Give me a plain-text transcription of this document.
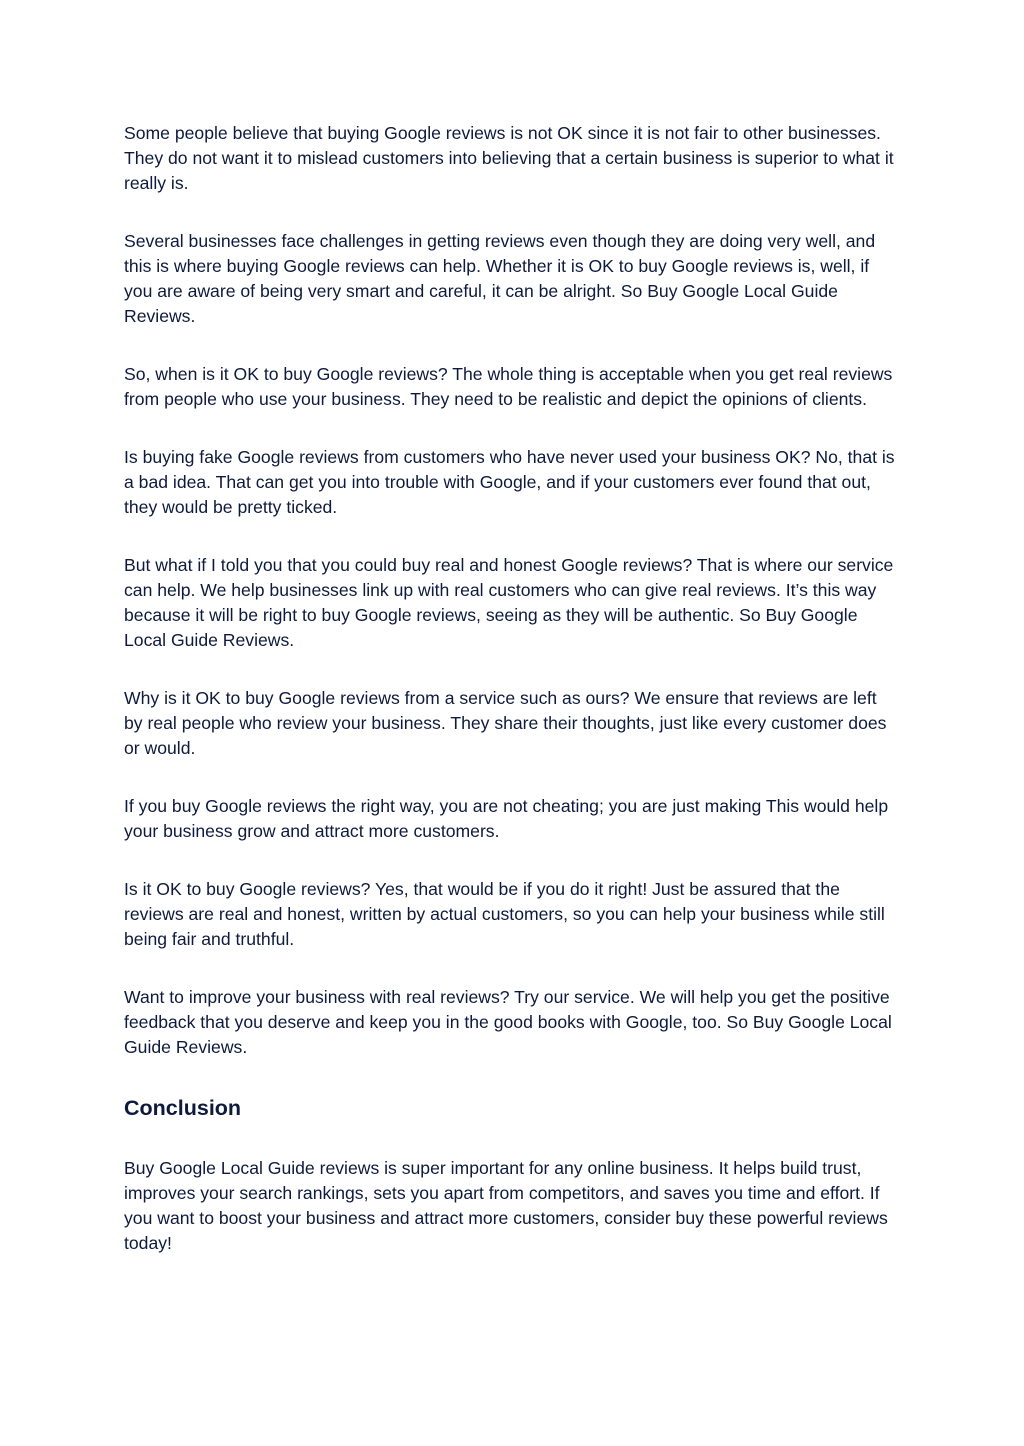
Some people believe that buying Google reviews is not OK since it is not fair to other businesses. They do not want it to mislead customers into believing that a certain business is superior to what it really is.

Several businesses face challenges in getting reviews even though they are doing very well, and this is where buying Google reviews can help. Whether it is OK to buy Google reviews is, well, if you are aware of being very smart and careful, it can be alright. So Buy Google Local Guide Reviews.

So, when is it OK to buy Google reviews? The whole thing is acceptable when you get real reviews from people who use your business. They need to be realistic and depict the opinions of clients.

Is buying fake Google reviews from customers who have never used your business OK? No, that is a bad idea. That can get you into trouble with Google, and if your customers ever found that out, they would be pretty ticked.

But what if I told you that you could buy real and honest Google reviews? That is where our service can help. We help businesses link up with real customers who can give real reviews. It’s this way because it will be right to buy Google reviews, seeing as they will be authentic. So Buy Google Local Guide Reviews.

Why is it OK to buy Google reviews from a service such as ours? We ensure that reviews are left by real people who review your business. They share their thoughts, just like every customer does or would.

If you buy Google reviews the right way, you are not cheating; you are just making This would help your business grow and attract more customers.

Is it OK to buy Google reviews? Yes, that would be if you do it right! Just be assured that the reviews are real and honest, written by actual customers, so you can help your business while still being fair and truthful.

Want to improve your business with real reviews? Try our service. We will help you get the positive feedback that you deserve and keep you in the good books with Google, too. So Buy Google Local Guide Reviews.

Conclusion

Buy Google Local Guide reviews is super important for any online business. It helps build trust, improves your search rankings, sets you apart from competitors, and saves you time and effort. If you want to boost your business and attract more customers, consider buy these powerful reviews today!
